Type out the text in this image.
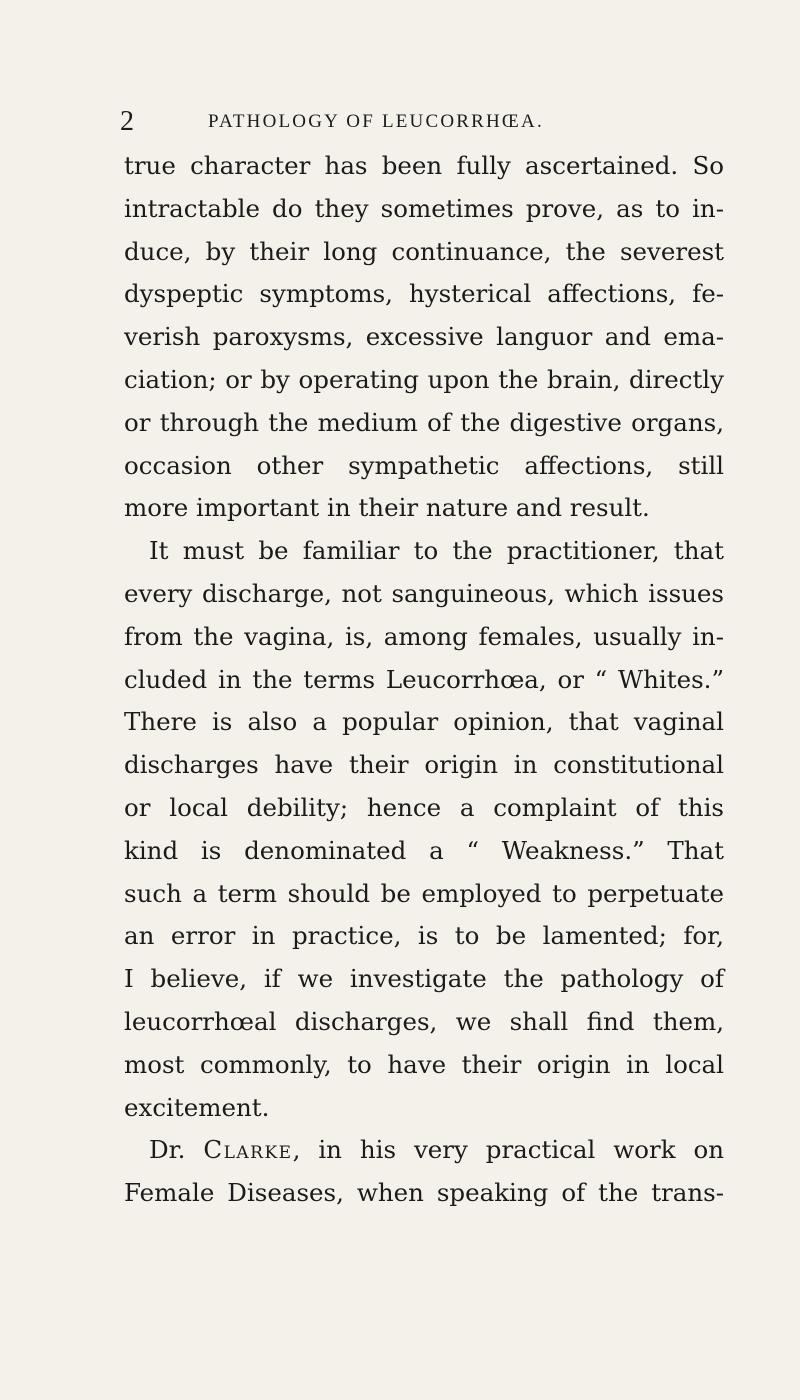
2	PATHOLOGY OF LEUCORRHŒA.
true character has been fully ascertained. So
intractable do they sometimes prove, as to in-
duce, by their long continuance, the severest
dyspeptic symptoms, hysterical affections, fe-
verish paroxysms, excessive languor and ema-
ciation; or by operating upon the brain, directly
or through the medium of the digestive organs,
occasion other sympathetic affections, still
more important in their nature and result.
It must be familiar to the practitioner, that
every discharge, not sanguineous, which issues
from the vagina, is, among females, usually in-
cluded in the terms Leucorrhœa, or “ Whites.”
There is also a popular opinion, that vaginal
discharges have their origin in constitutional
or local debility; hence a complaint of this
kind is denominated a “ Weakness.” That
such a term should be employed to perpetuate
an error in practice, is to be lamented; for,
I believe, if we investigate the pathology of
leucorrhœal discharges, we shall find them,
most commonly, to have their origin in local
excitement.
Dr. Clarke, in his very practical work on
Female Diseases, when speaking of the trans-
